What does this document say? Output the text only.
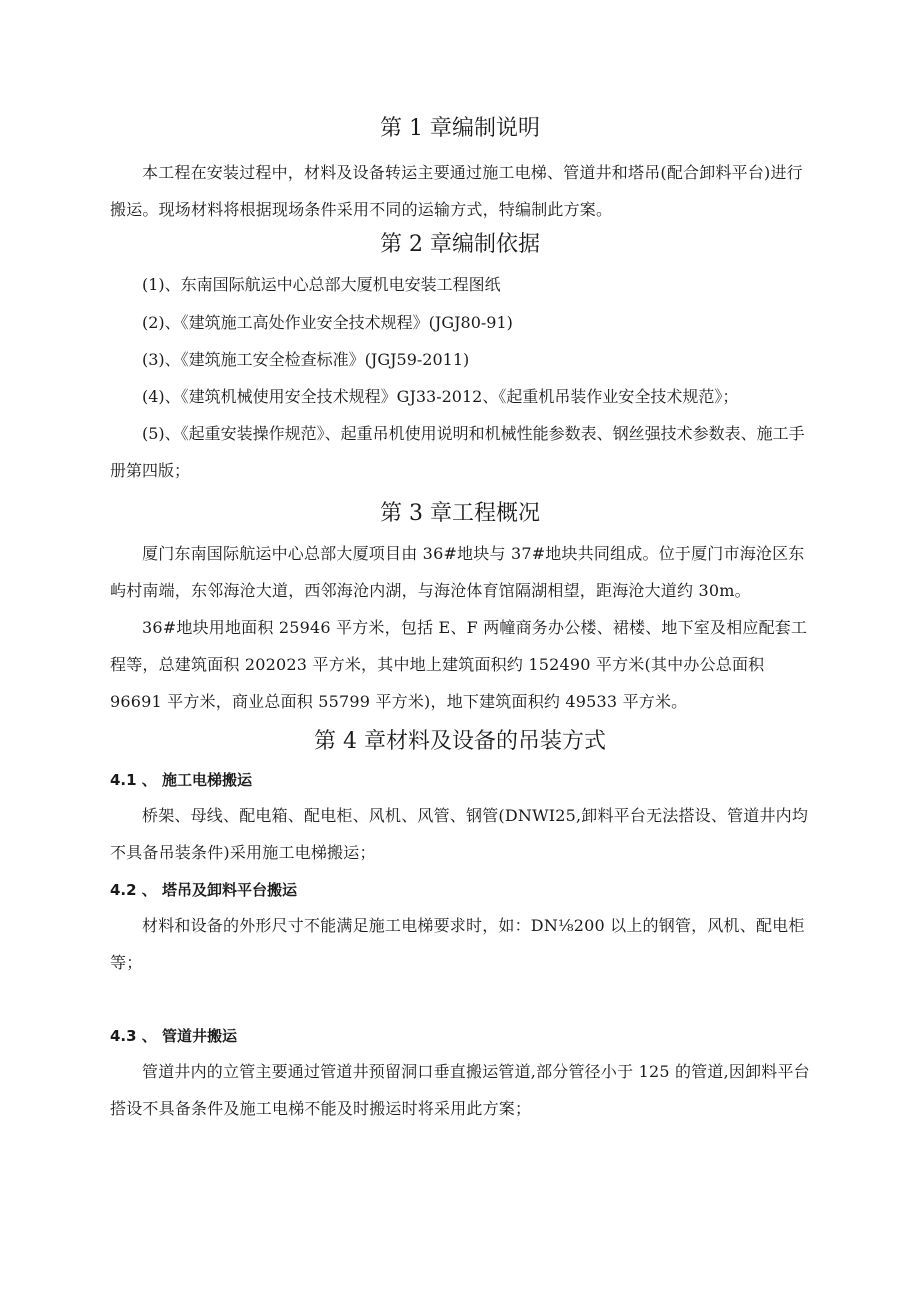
第 1 章编制说明
本工程在安装过程中，材料及设备转运主要通过施工电梯、管道井和塔吊(配合卸料平台)进行搬运。现场材料将根据现场条件采用不同的运输方式，特编制此方案。
第 2 章编制依据
(1)、东南国际航运中心总部大厦机电安装工程图纸
(2)、《建筑施工高处作业安全技术规程》(JGJ80-91)
(3)、《建筑施工安全检查标准》(JGJ59-2011)
(4)、《建筑机械使用安全技术规程》GJ33-2012、《起重机吊装作业安全技术规范》；
(5)、《起重安装操作规范》、起重吊机使用说明和机械性能参数表、钢丝强技术参数表、施工手册第四版；
第 3 章工程概况
厦门东南国际航运中心总部大厦项目由 36#地块与 37#地块共同组成。位于厦门市海沧区东屿村南端，东邻海沧大道，西邻海沧内湖，与海沧体育馆隔湖相望，距海沧大道约 30m。
36#地块用地面积 25946 平方米，包括 E、F 两幢商务办公楼、裙楼、地下室及相应配套工程等，总建筑面积 202023 平方米，其中地上建筑面积约 152490 平方米(其中办公总面积 96691 平方米，商业总面积 55799 平方米)，地下建筑面积约 49533 平方米。
第 4 章材料及设备的吊装方式
4.1 、 施工电梯搬运
桥架、母线、配电箱、配电柜、风机、风管、钢管(DNWI25,卸料平台无法搭设、管道井内均不具备吊装条件)采用施工电梯搬运；
4.2 、 塔吊及卸料平台搬运
材料和设备的外形尺寸不能满足施工电梯要求时，如：DN⅛200 以上的钢管，风机、配电柜等；
4.3 、 管道井搬运
管道井内的立管主要通过管道井预留洞口垂直搬运管道,部分管径小于 125 的管道,因卸料平台搭设不具备条件及施工电梯不能及时搬运时将采用此方案；
